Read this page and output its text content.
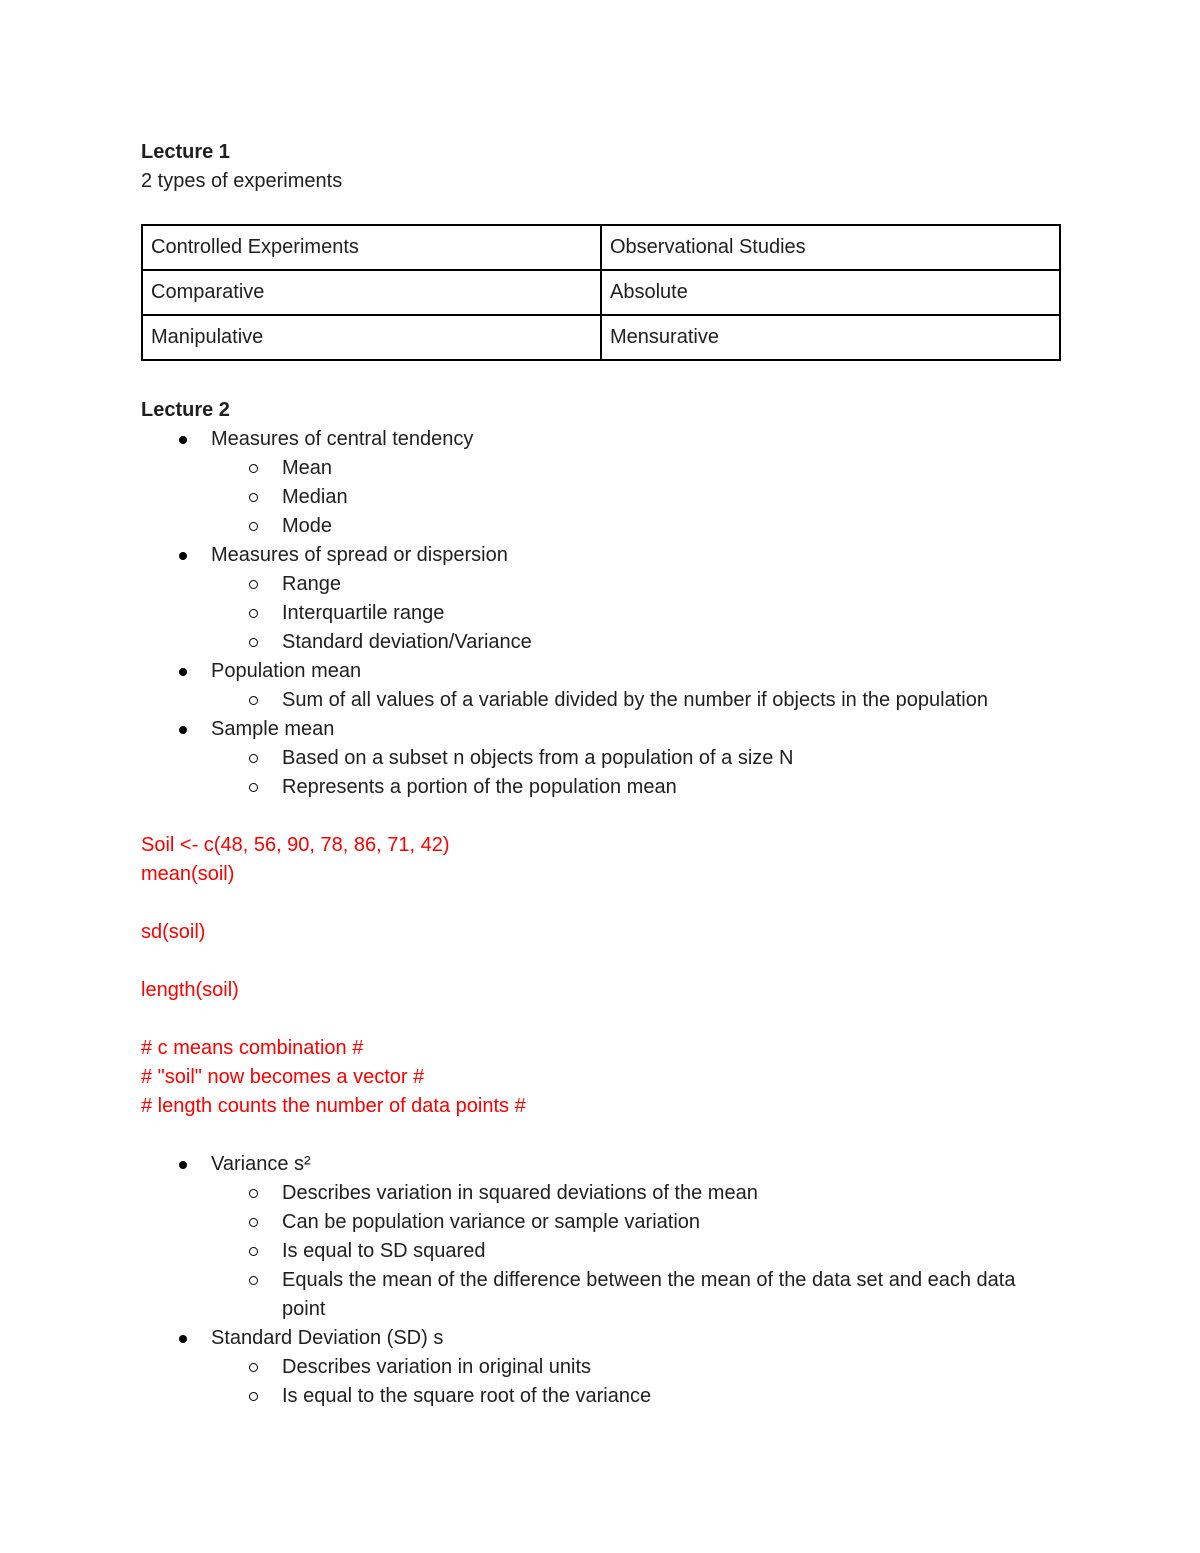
Lecture 1
2 types of experiments
Controlled Experiments	Observational Studies
Comparative	Absolute
Manipulative	Mensurative
Lecture 2
Measures of central tendency
Mean
Median
Mode
Measures of spread or dispersion
Range
Interquartile range
Standard deviation/Variance
Population mean
Sum of all values of a variable divided by the number if objects in the population
Sample mean
Based on a subset n objects from a population of a size N
Represents a portion of the population mean
Soil <- c(48, 56, 90, 78, 86, 71, 42)
mean(soil)
sd(soil)
length(soil)
# c means combination #
# "soil" now becomes a vector #
# length counts the number of data points #
Variance s²
Describes variation in squared deviations of the mean
Can be population variance or sample variation
Is equal to SD squared
Equals the mean of the difference between the mean of the data set and each data point
Standard Deviation (SD) s
Describes variation in original units
Is equal to the square root of the variance
